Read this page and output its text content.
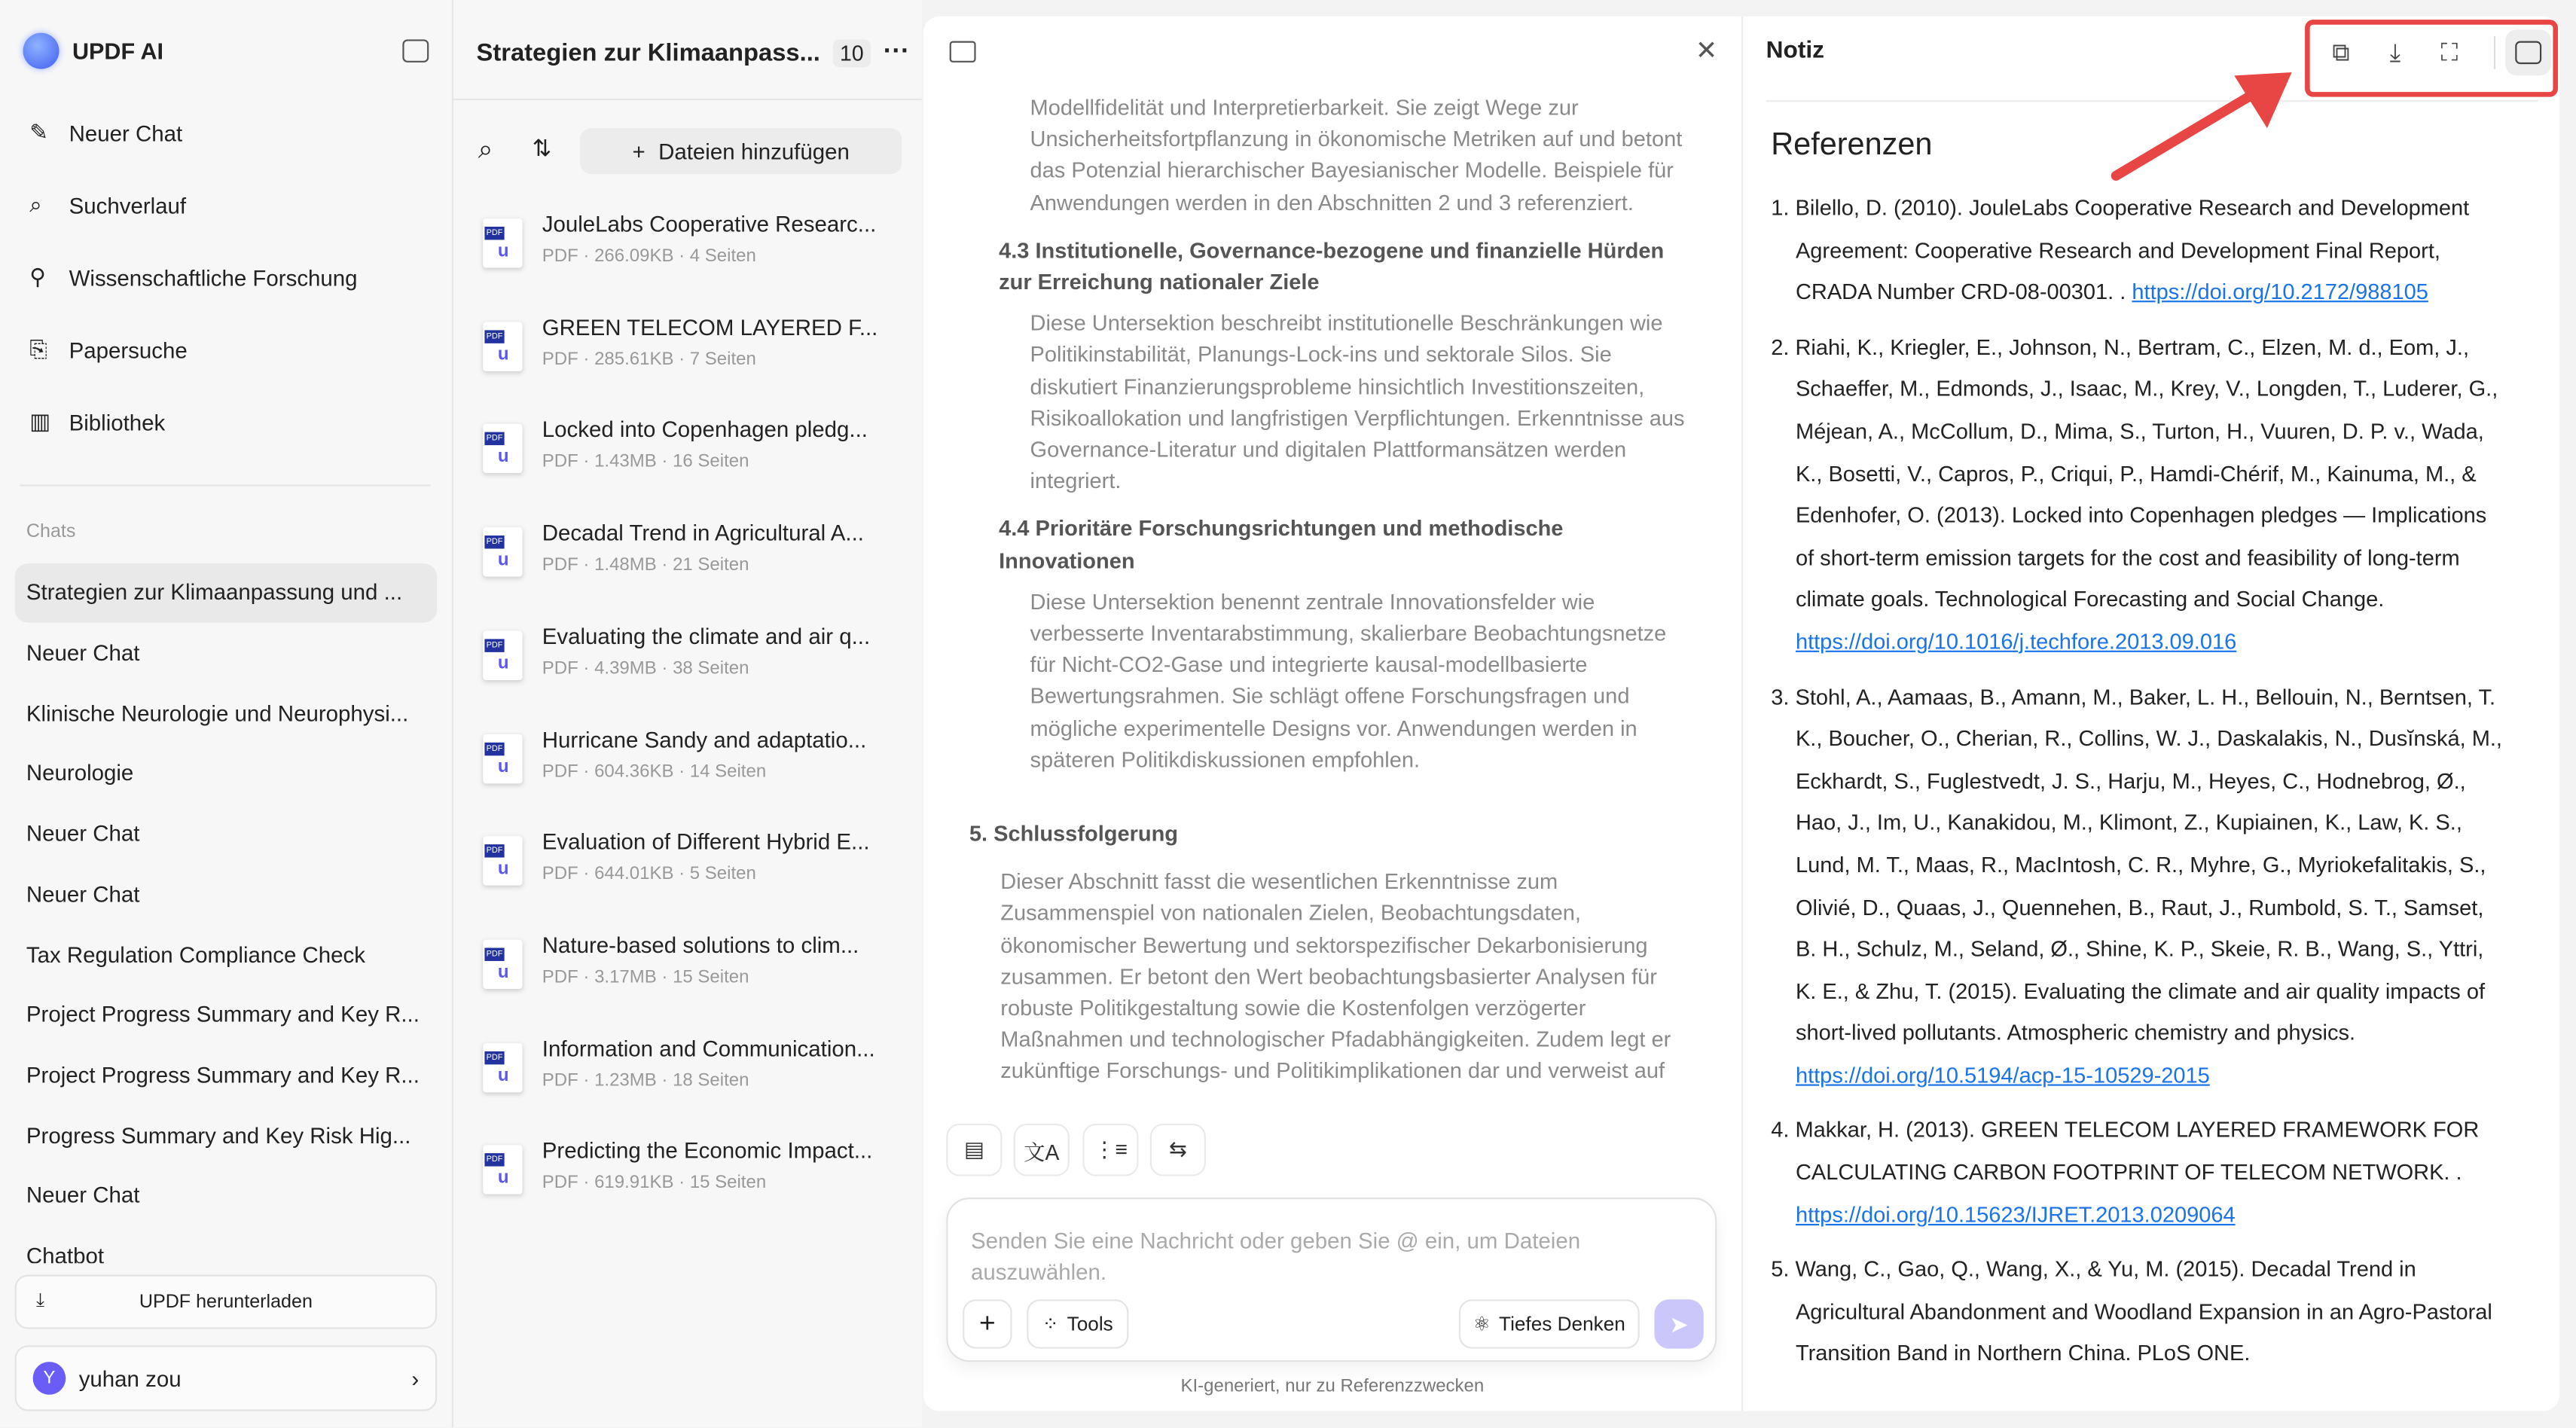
UPDF AI
Chats
⤓	UPDF herunterladen
Y	yuhan zou	›
✎	Neuer Chat
⌕	Suchverlauf
⚲	Wissenschaftliche Forschung
⎘	Papersuche
▥	Bibliothek
Strategien zur Klimaanpassung und ...
Neuer Chat
Klinische Neurologie und Neurophysi...
Neurologie
Neuer Chat
Neuer Chat
Tax Regulation Compliance Check
Project Progress Summary and Key R...
Project Progress Summary and Key R...
Progress Summary and Key Risk Hig...
Neuer Chat
Chatbot
Strategien zur Klimaanpass...	10	···
⌕	⇅	+ Dateien hinzufügen
PDF
u
JouleLabs Cooperative Researc...
PDF · 266.09KB · 4 Seiten
PDF
u
GREEN TELECOM LAYERED F...
PDF · 285.61KB · 7 Seiten
PDF
u
Locked into Copenhagen pledg...
PDF · 1.43MB · 16 Seiten
PDF
u
Decadal Trend in Agricultural A...
PDF · 1.48MB · 21 Seiten
PDF
u
Evaluating the climate and air q...
PDF · 4.39MB · 38 Seiten
PDF
u
Hurricane Sandy and adaptatio...
PDF · 604.36KB · 14 Seiten
PDF
u
Evaluation of Different Hybrid E...
PDF · 644.01KB · 5 Seiten
PDF
u
Nature-based solutions to clim...
PDF · 3.17MB · 15 Seiten
PDF
u
Information and Communication...
PDF · 1.23MB · 18 Seiten
PDF
u
Predicting the Economic Impact...
PDF · 619.91KB · 15 Seiten
✕

Modellfidelität und Interpretierbarkeit. Sie zeigt Wege zur Unsicherheitsfortpflanzung in ökonomische Metriken auf und betont das Potenzial hierarchischer Bayesianischer Modelle. Beispiele für Anwendungen werden in den Abschnitten 2 und 3 referenziert.

4.3 Institutionelle, Governance-bezogene und finanzielle Hürden zur Erreichung nationaler Ziele

Diese Untersektion beschreibt institutionelle Beschränkungen wie Politikinstabilität, Planungs-Lock-ins und sektorale Silos. Sie diskutiert Finanzierungsprobleme hinsichtlich Investitionszeiten, Risikoallokation und langfristigen Verpflichtungen. Erkenntnisse aus Governance-Literatur und digitalen Plattformansätzen werden integriert.

4.4 Prioritäre Forschungsrichtungen und methodische Innovationen

Diese Untersektion benennt zentrale Innovationsfelder wie verbesserte Inventarabstimmung, skalierbare Beobachtungsnetze für Nicht-CO2-Gase und integrierte kausal-modellbasierte Bewertungsrahmen. Sie schlägt offene Forschungsfragen und mögliche experimentelle Designs vor. Anwendungen werden in späteren Politikdiskussionen empfohlen.

5. Schlussfolgerung

Dieser Abschnitt fasst die wesentlichen Erkenntnisse zum Zusammenspiel von nationalen Zielen, Beobachtungsdaten, ökonomischer Bewertung und sektorspezifischer Dekarbonisierung zusammen. Er betont den Wert beobachtungsbasierter Analysen für robuste Politikgestaltung sowie die Kostenfolgen verzögerter Maßnahmen und technologischer Pfadabhängigkeiten. Zudem legt er zukünftige Forschungs- und Politikimplikationen dar und verweist auf

▤	文A	⋮≡	⇆
Senden Sie eine Nachricht oder geben Sie @ ein, um Dateien auszuwählen.
+	⁘ Tools	⚛ Tiefes Denken	➤
KI-generiert, nur zu Referenzzwecken
Notiz	⧉	⤓	⛶
Referenzen
1. Bilello, D. (2010). JouleLabs Cooperative Research and Development Agreement: Cooperative Research and Development Final Report, CRADA Number CRD-08-00301. . https://doi.org/10.2172/988105
2. Riahi, K., Kriegler, E., Johnson, N., Bertram, C., Elzen, M. d., Eom, J., Schaeffer, M., Edmonds, J., Isaac, M., Krey, V., Longden, T., Luderer, G., Méjean, A., McCollum, D., Mima, S., Turton, H., Vuuren, D. P. v., Wada, K., Bosetti, V., Capros, P., Criqui, P., Hamdi-Chérif, M., Kainuma, M., & Edenhofer, O. (2013). Locked into Copenhagen pledges — Implications of short-term emission targets for the cost and feasibility of long-term climate goals. Technological Forecasting and Social Change. https://doi.org/10.1016/j.techfore.2013.09.016
3. Stohl, A., Aamaas, B., Amann, M., Baker, L. H., Bellouin, N., Berntsen, T. K., Boucher, O., Cherian, R., Collins, W. J., Daskalakis, N., Dusĭnská, M., Eckhardt, S., Fuglestvedt, J. S., Harju, M., Heyes, C., Hodnebrog, Ø., Hao, J., Im, U., Kanakidou, M., Klimont, Z., Kupiainen, K., Law, K. S., Lund, M. T., Maas, R., MacIntosh, C. R., Myhre, G., Myriokefalitakis, S., Olivié, D., Quaas, J., Quennehen, B., Raut, J., Rumbold, S. T., Samset, B. H., Schulz, M., Seland, Ø., Shine, K. P., Skeie, R. B., Wang, S., Yttri, K. E., & Zhu, T. (2015). Evaluating the climate and air quality impacts of short-lived pollutants. Atmospheric chemistry and physics. https://doi.org/10.5194/acp-15-10529-2015
4. Makkar, H. (2013). GREEN TELECOM LAYERED FRAMEWORK FOR CALCULATING CARBON FOOTPRINT OF TELECOM NETWORK. . https://doi.org/10.15623/IJRET.2013.0209064
5. Wang, C., Gao, Q., Wang, X., & Yu, M. (2015). Decadal Trend in Agricultural Abandonment and Woodland Expansion in an Agro-Pastoral Transition Band in Northern China. PLoS ONE.
